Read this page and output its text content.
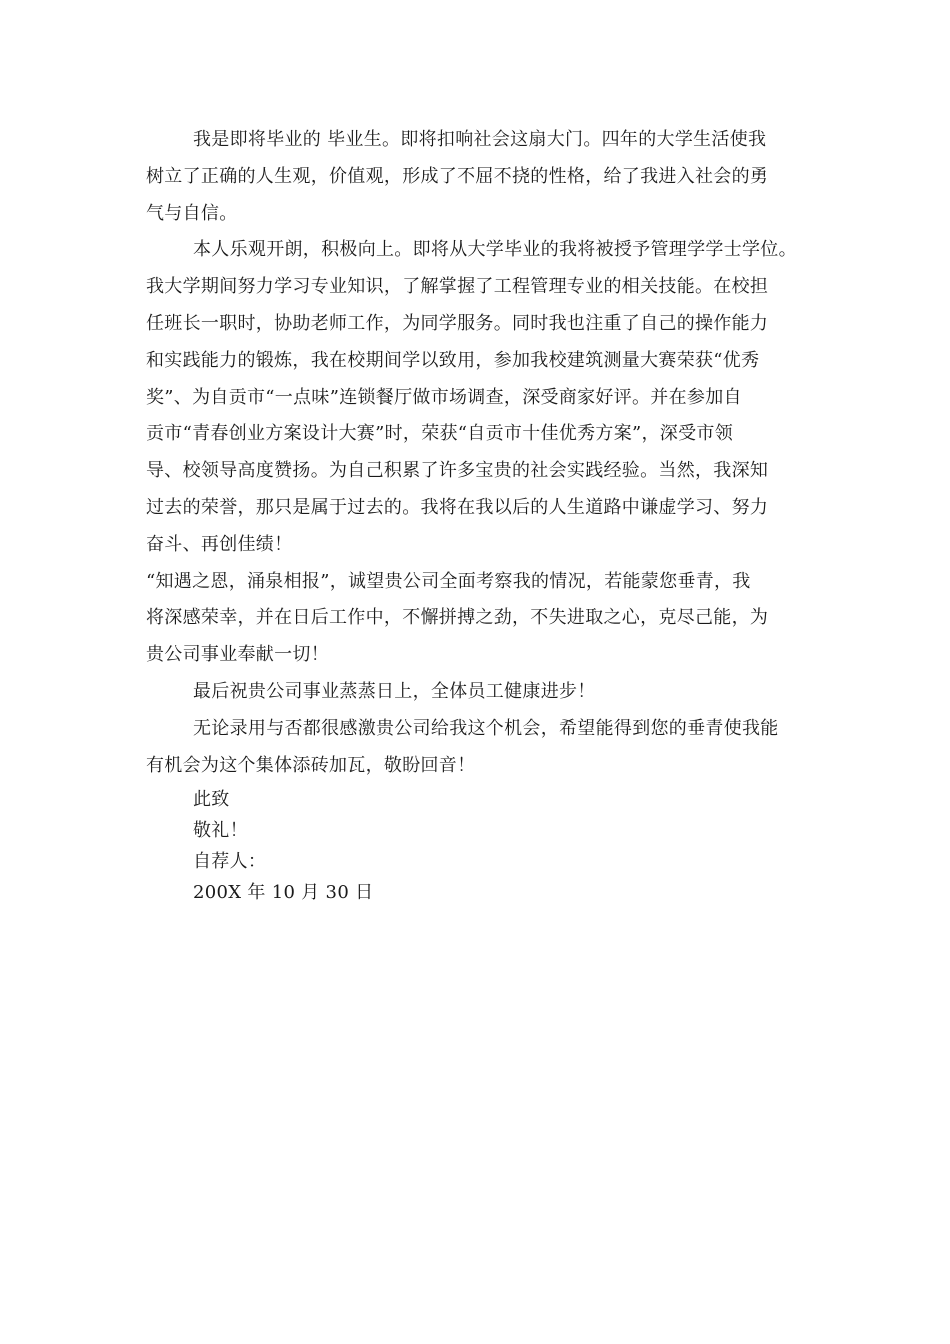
我是即将毕业的 毕业生。即将扣响社会这扇大门。四年的大学生活使我
树立了正确的人生观，价值观，形成了不屈不挠的性格，给了我进入社会的勇
气与自信。
本人乐观开朗，积极向上。即将从大学毕业的我将被授予管理学学士学位。
我大学期间努力学习专业知识，了解掌握了工程管理专业的相关技能。在校担
任班长一职时，协助老师工作，为同学服务。同时我也注重了自己的操作能力
和实践能力的锻炼，我在校期间学以致用，参加我校建筑测量大赛荣获“优秀
奖”、为自贡市“一点味”连锁餐厅做市场调查，深受商家好评。并在参加自
贡市“青春创业方案设计大赛”时，荣获“自贡市十佳优秀方案”，深受市领
导、校领导高度赞扬。为自己积累了许多宝贵的社会实践经验。当然，我深知
过去的荣誉，那只是属于过去的。我将在我以后的人生道路中谦虚学习、努力
奋斗、再创佳绩！
“知遇之恩，涌泉相报”，诚望贵公司全面考察我的情况，若能蒙您垂青，我
将深感荣幸，并在日后工作中，不懈拼搏之劲，不失进取之心，克尽己能，为
贵公司事业奉献一切！
最后祝贵公司事业蒸蒸日上，全体员工健康进步！
无论录用与否都很感激贵公司给我这个机会，希望能得到您的垂青使我能
有机会为这个集体添砖加瓦，敬盼回音！
此致
敬礼！
自荐人：
200X 年 10 月 30 日
